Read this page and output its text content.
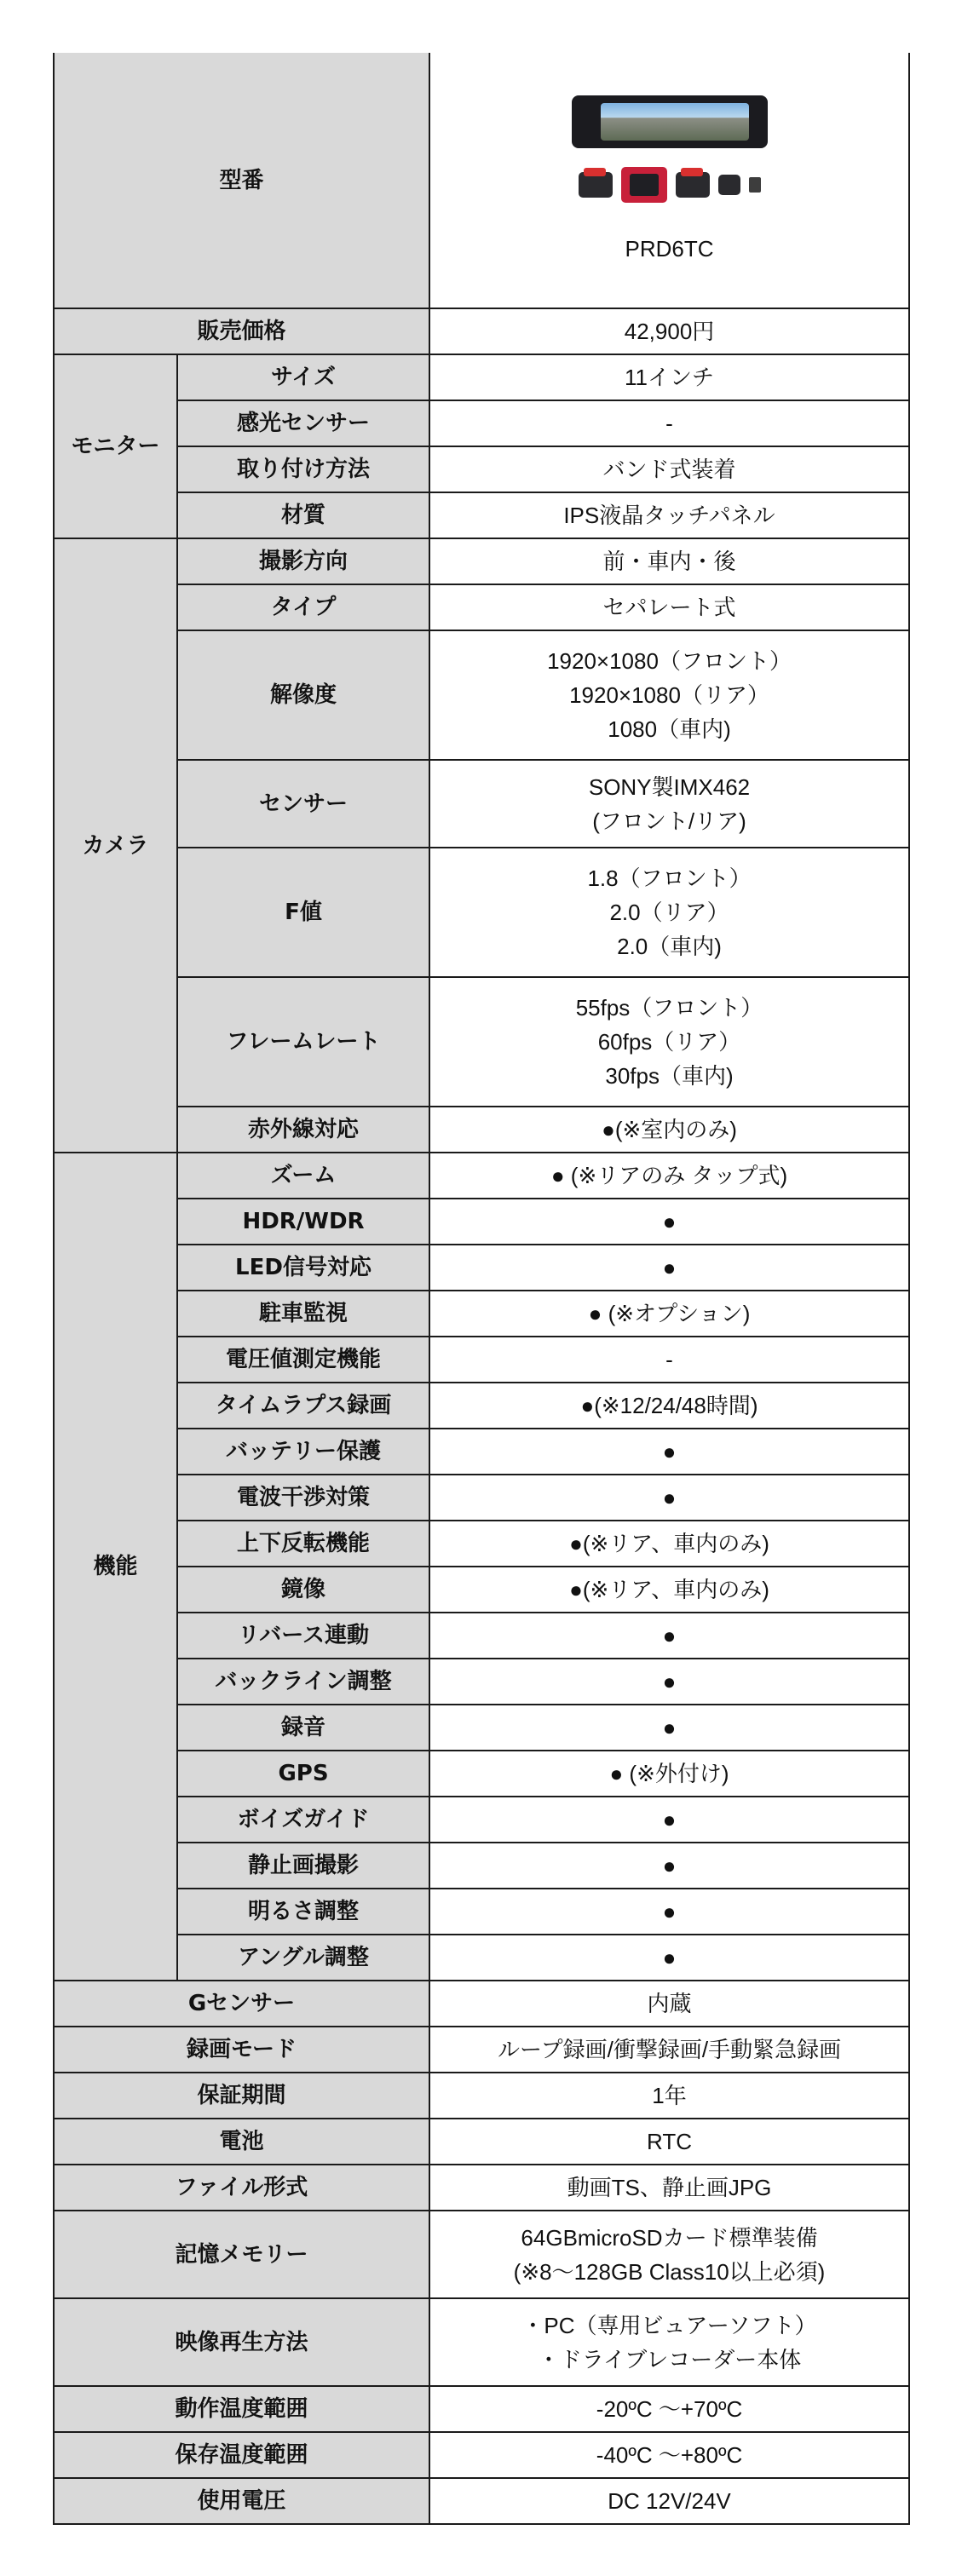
型番		PRD6TC

販売価格		42,900円
モニター	サイズ	11インチ
	感光センサー	-
	取り付け方法	バンド式装着
	材質	IPS液晶タッチパネル
カメラ	撮影方向	前・車内・後
	タイプ	セパレート式
	解像度	1920×1080（フロント）
1920×1080（リア）
1080（車内)
	センサー	SONY製IMX462
(フロント/リア)
	F値	1.8（フロント）
2.0（リア）
2.0（車内)
	フレームレート	55fps（フロント）
60fps（リア）
30fps（車内)
	赤外線対応	●(※室内のみ)
機能	ズーム	● (※リアのみ タップ式)
	HDR/WDR	●
	LED信号対応	●
	駐車監視	● (※オプション)
	電圧値測定機能	-
	タイムラプス録画	●(※12/24/48時間)
	バッテリー保護	●
	電波干渉対策	●
	上下反転機能	●(※リア、車内のみ)
	鏡像	●(※リア、車内のみ)
	リバース連動	●
	バックライン調整	●
	録音	●
	GPS	● (※外付け)
	ボイズガイド	●
	静止画撮影	●
	明るさ調整	●
	アングル調整	●
Gセンサー		内蔵
録画モード		ループ録画/衝撃録画/手動緊急録画
保証期間		1年
電池		RTC
ファイル形式		動画TS、静止画JPG
記憶メモリー		64GBmicroSDカード標準装備
(※8～128GB Class10以上必須)
映像再生方法		・PC（専用ビュアーソフト）
・ドライブレコーダー本体
動作温度範囲		-20ºC ～+70ºC
保存温度範囲		-40ºC ～+80ºC
使用電圧		DC 12V/24V
